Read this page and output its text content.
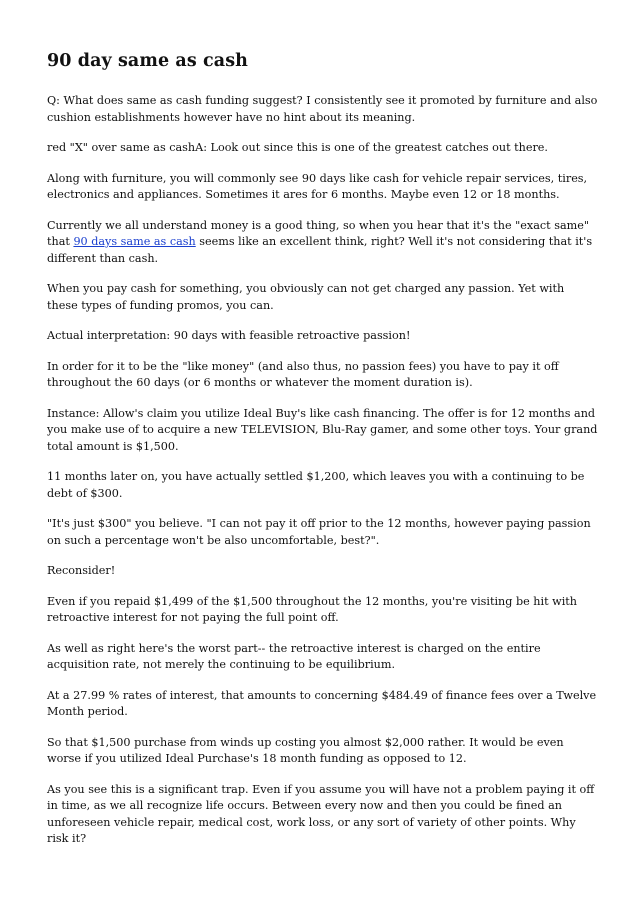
90 day same as cash

Q: What does same as cash funding suggest? I consistently see it promoted by furniture and also cushion establishments however have no hint about its meaning.

red "X" over same as cashA: Look out since this is one of the greatest catches out there.

Along with furniture, you will commonly see 90 days like cash for vehicle repair services, tires, electronics and appliances. Sometimes it ares for 6 months. Maybe even 12 or 18 months.

Currently we all understand money is a good thing, so when you hear that it's the "exact same" that 90 days same as cash seems like an excellent think, right? Well it's not considering that it's different than cash.

When you pay cash for something, you obviously can not get charged any passion. Yet with these types of funding promos, you can.

Actual interpretation: 90 days with feasible retroactive passion!

In order for it to be the "like money" (and also thus, no passion fees) you have to pay it off throughout the 60 days (or 6 months or whatever the moment duration is).

Instance: Allow's claim you utilize Ideal Buy's like cash financing. The offer is for 12 months and you make use of to acquire a new TELEVISION, Blu-Ray gamer, and some other toys. Your grand total amount is $1,500.

11 months later on, you have actually settled $1,200, which leaves you with a continuing to be debt of $300.

"It's just $300" you believe. "I can not pay it off prior to the 12 months, however paying passion on such a percentage won't be also uncomfortable, best?".

Reconsider!

Even if you repaid $1,499 of the $1,500 throughout the 12 months, you're visiting be hit with retroactive interest for not paying the full point off.

As well as right here's the worst part-- the retroactive interest is charged on the entire acquisition rate, not merely the continuing to be equilibrium.

At a 27.99 % rates of interest, that amounts to concerning $484.49 of finance fees over a Twelve Month period.

So that $1,500 purchase from winds up costing you almost $2,000 rather. It would be even worse if you utilized Ideal Purchase's 18 month funding as opposed to 12.

As you see this is a significant trap. Even if you assume you will have not a problem paying it off in time, as we all recognize life occurs. Between every now and then you could be fined an unforeseen vehicle repair, medical cost, work loss, or any sort of variety of other points. Why risk it?
